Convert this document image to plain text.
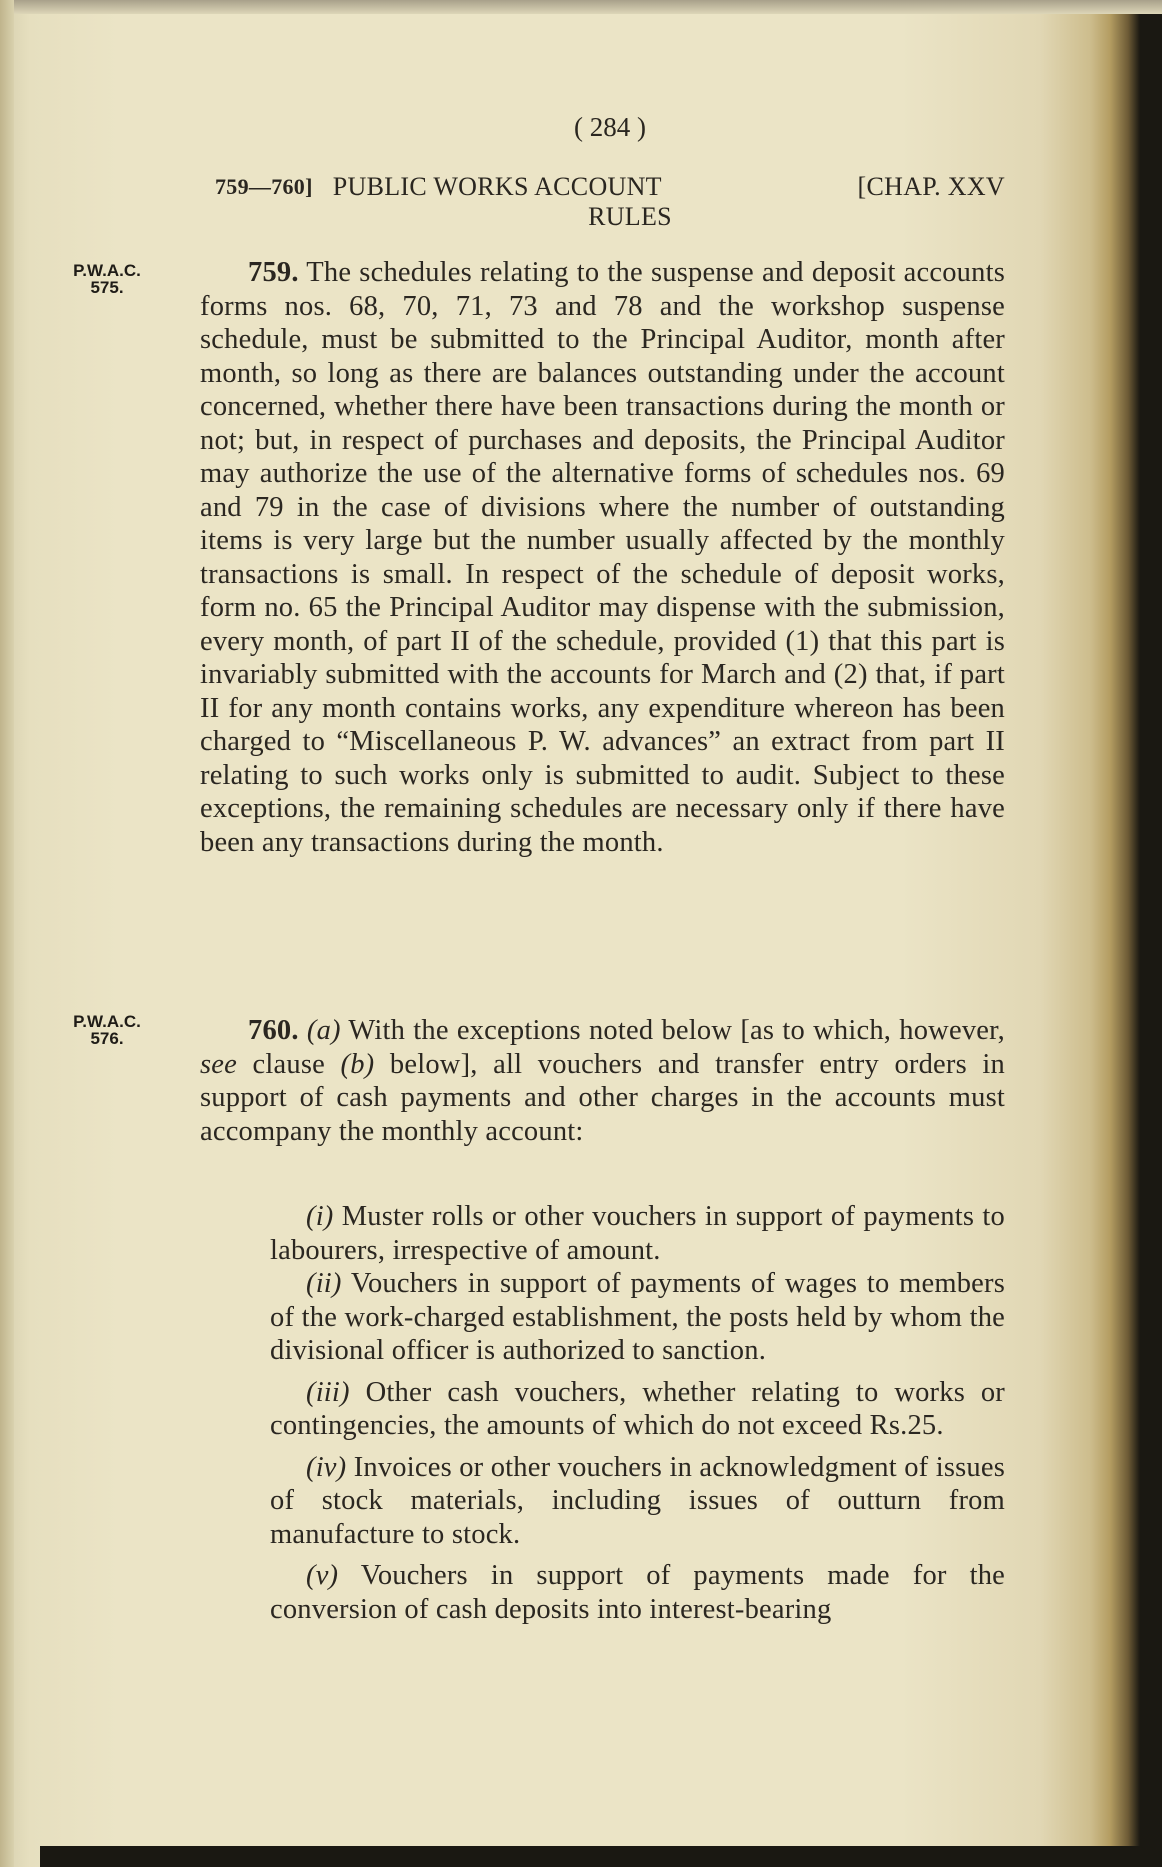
( 284 )
759—760] PUBLIC WORKS ACCOUNT	[CHAP. XXV
RULES
P.W.A.C.
575.	759. The schedules relating to the suspense and deposit accounts forms nos. 68, 70, 71, 73 and 78 and the workshop suspense schedule, must be submitted to the Principal Auditor, month after month, so long as there are balances outstanding under the account concerned, whether there have been transactions during the month or not; but, in respect of purchases and deposits, the Principal Auditor may authorize the use of the alternative forms of schedules nos. 69 and 79 in the case of divisions where the number of outstanding items is very large but the number usually affected by the monthly transactions is small. In respect of the schedule of deposit works, form no. 65 the Principal Auditor may dispense with the submission, every month, of part II of the schedule, provided (1) that this part is invariably submitted with the accounts for March and (2) that, if part II for any month contains works, any expenditure whereon has been charged to “Miscellaneous P. W. advances” an extract from part II relating to such works only is submitted to audit. Subject to these exceptions, the remaining schedules are necessary only if there have been any transactions during the month.
P.W.A.C.
576.	760. (a) With the exceptions noted below [as to which, however, see clause (b) below], all vouchers and transfer entry orders in support of cash payments and other charges in the accounts must accompany the monthly account:
(i) Muster rolls or other vouchers in support of payments to labourers, irrespective of amount.
(ii) Vouchers in support of payments of wages to members of the work-charged establishment, the posts held by whom the divisional officer is authorized to sanction.
(iii) Other cash vouchers, whether relating to works or contingencies, the amounts of which do not exceed Rs.25.
(iv) Invoices or other vouchers in acknowledgment of issues of stock materials, including issues of outturn from manufacture to stock.
(v) Vouchers in support of payments made for the conversion of cash deposits into interest-bearing
